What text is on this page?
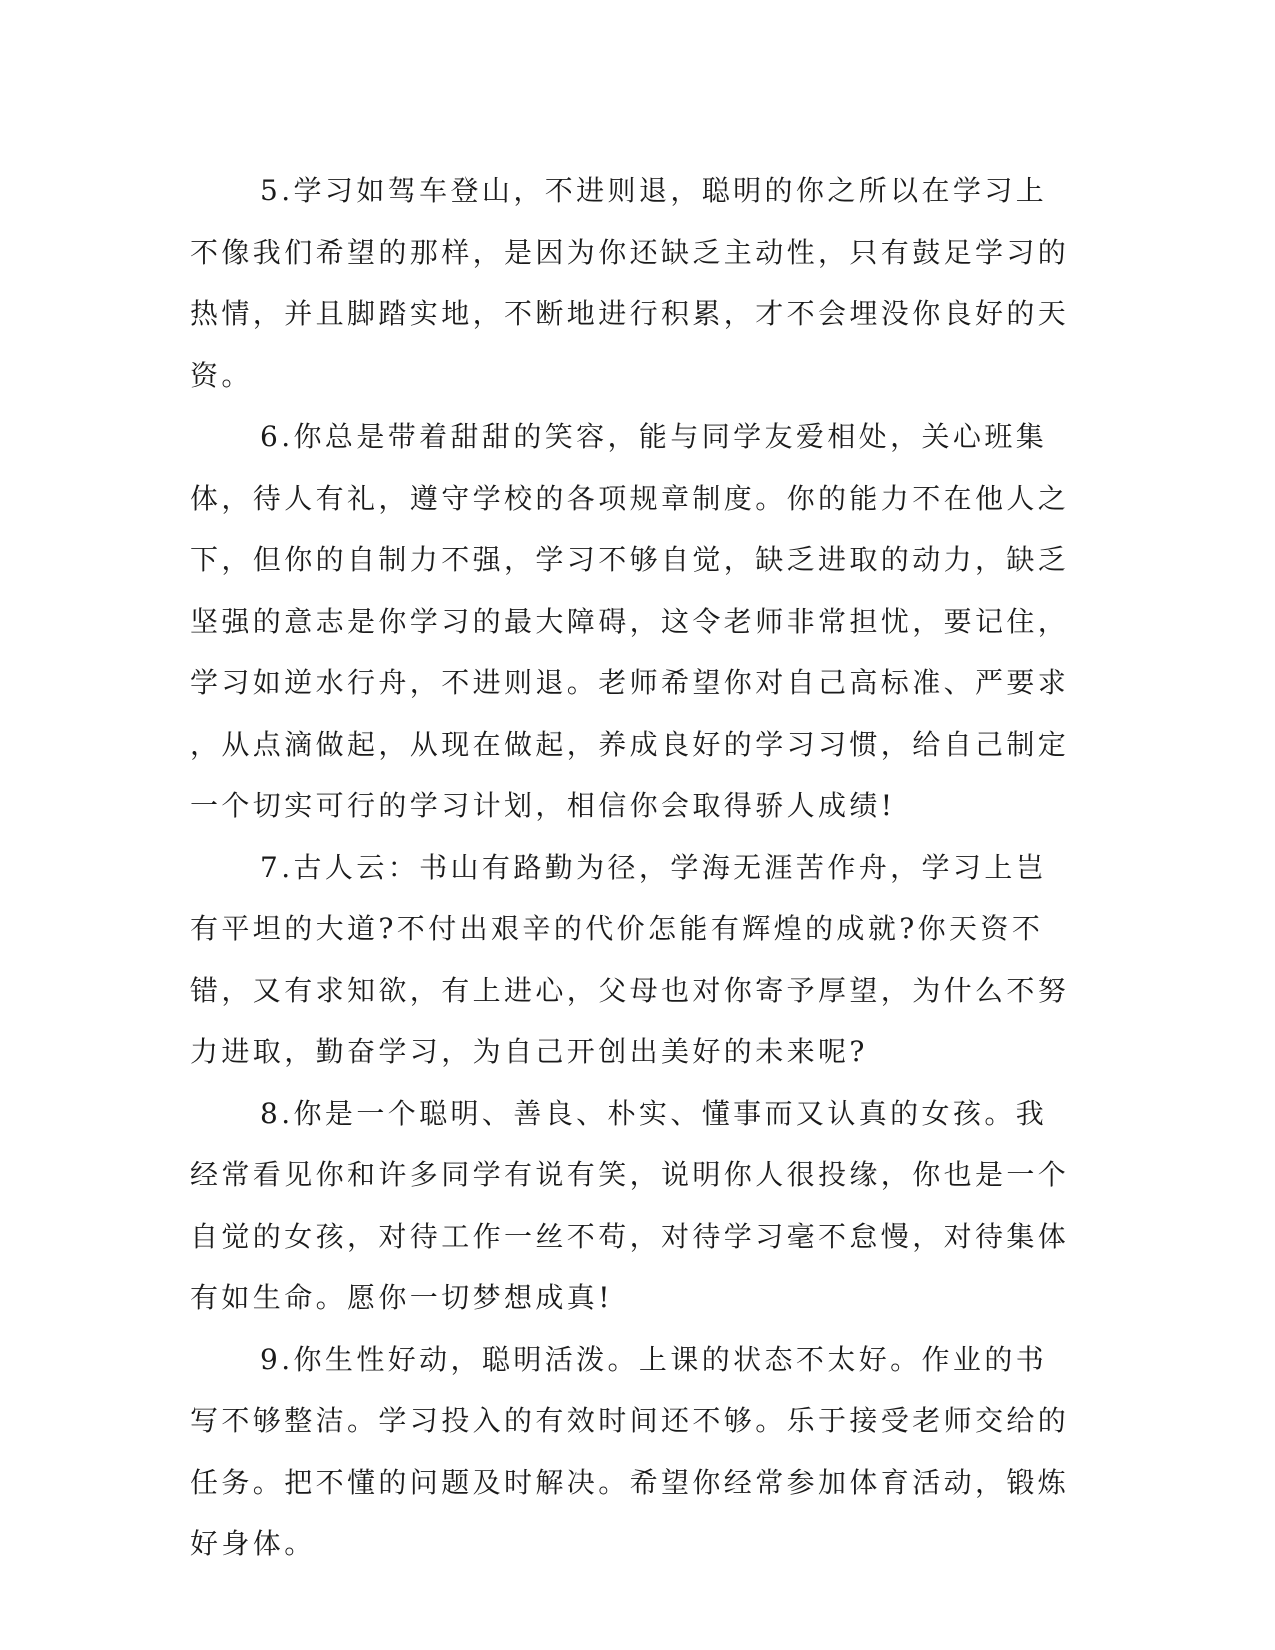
5.学习如驾车登山，不进则退，聪明的你之所以在学习上不像我们希望的那样，是因为你还缺乏主动性，只有鼓足学习的热情，并且脚踏实地，不断地进行积累，才不会埋没你良好的天资。

6.你总是带着甜甜的笑容，能与同学友爱相处，关心班集体，待人有礼，遵守学校的各项规章制度。你的能力不在他人之下，但你的自制力不强，学习不够自觉，缺乏进取的动力，缺乏坚强的意志是你学习的最大障碍，这令老师非常担忧，要记住，学习如逆水行舟，不进则退。老师希望你对自己高标准、严要求，从点滴做起，从现在做起，养成良好的学习习惯，给自己制定一个切实可行的学习计划，相信你会取得骄人成绩!

7.古人云：书山有路勤为径，学海无涯苦作舟，学习上岂有平坦的大道?不付出艰辛的代价怎能有辉煌的成就?你天资不错，又有求知欲，有上进心，父母也对你寄予厚望，为什么不努力进取，勤奋学习，为自己开创出美好的未来呢?

8.你是一个聪明、善良、朴实、懂事而又认真的女孩。我经常看见你和许多同学有说有笑，说明你人很投缘，你也是一个自觉的女孩，对待工作一丝不苟，对待学习毫不怠慢，对待集体有如生命。愿你一切梦想成真!

9.你生性好动，聪明活泼。上课的状态不太好。作业的书写不够整洁。学习投入的有效时间还不够。乐于接受老师交给的任务。把不懂的问题及时解决。希望你经常参加体育活动，锻炼好身体。
